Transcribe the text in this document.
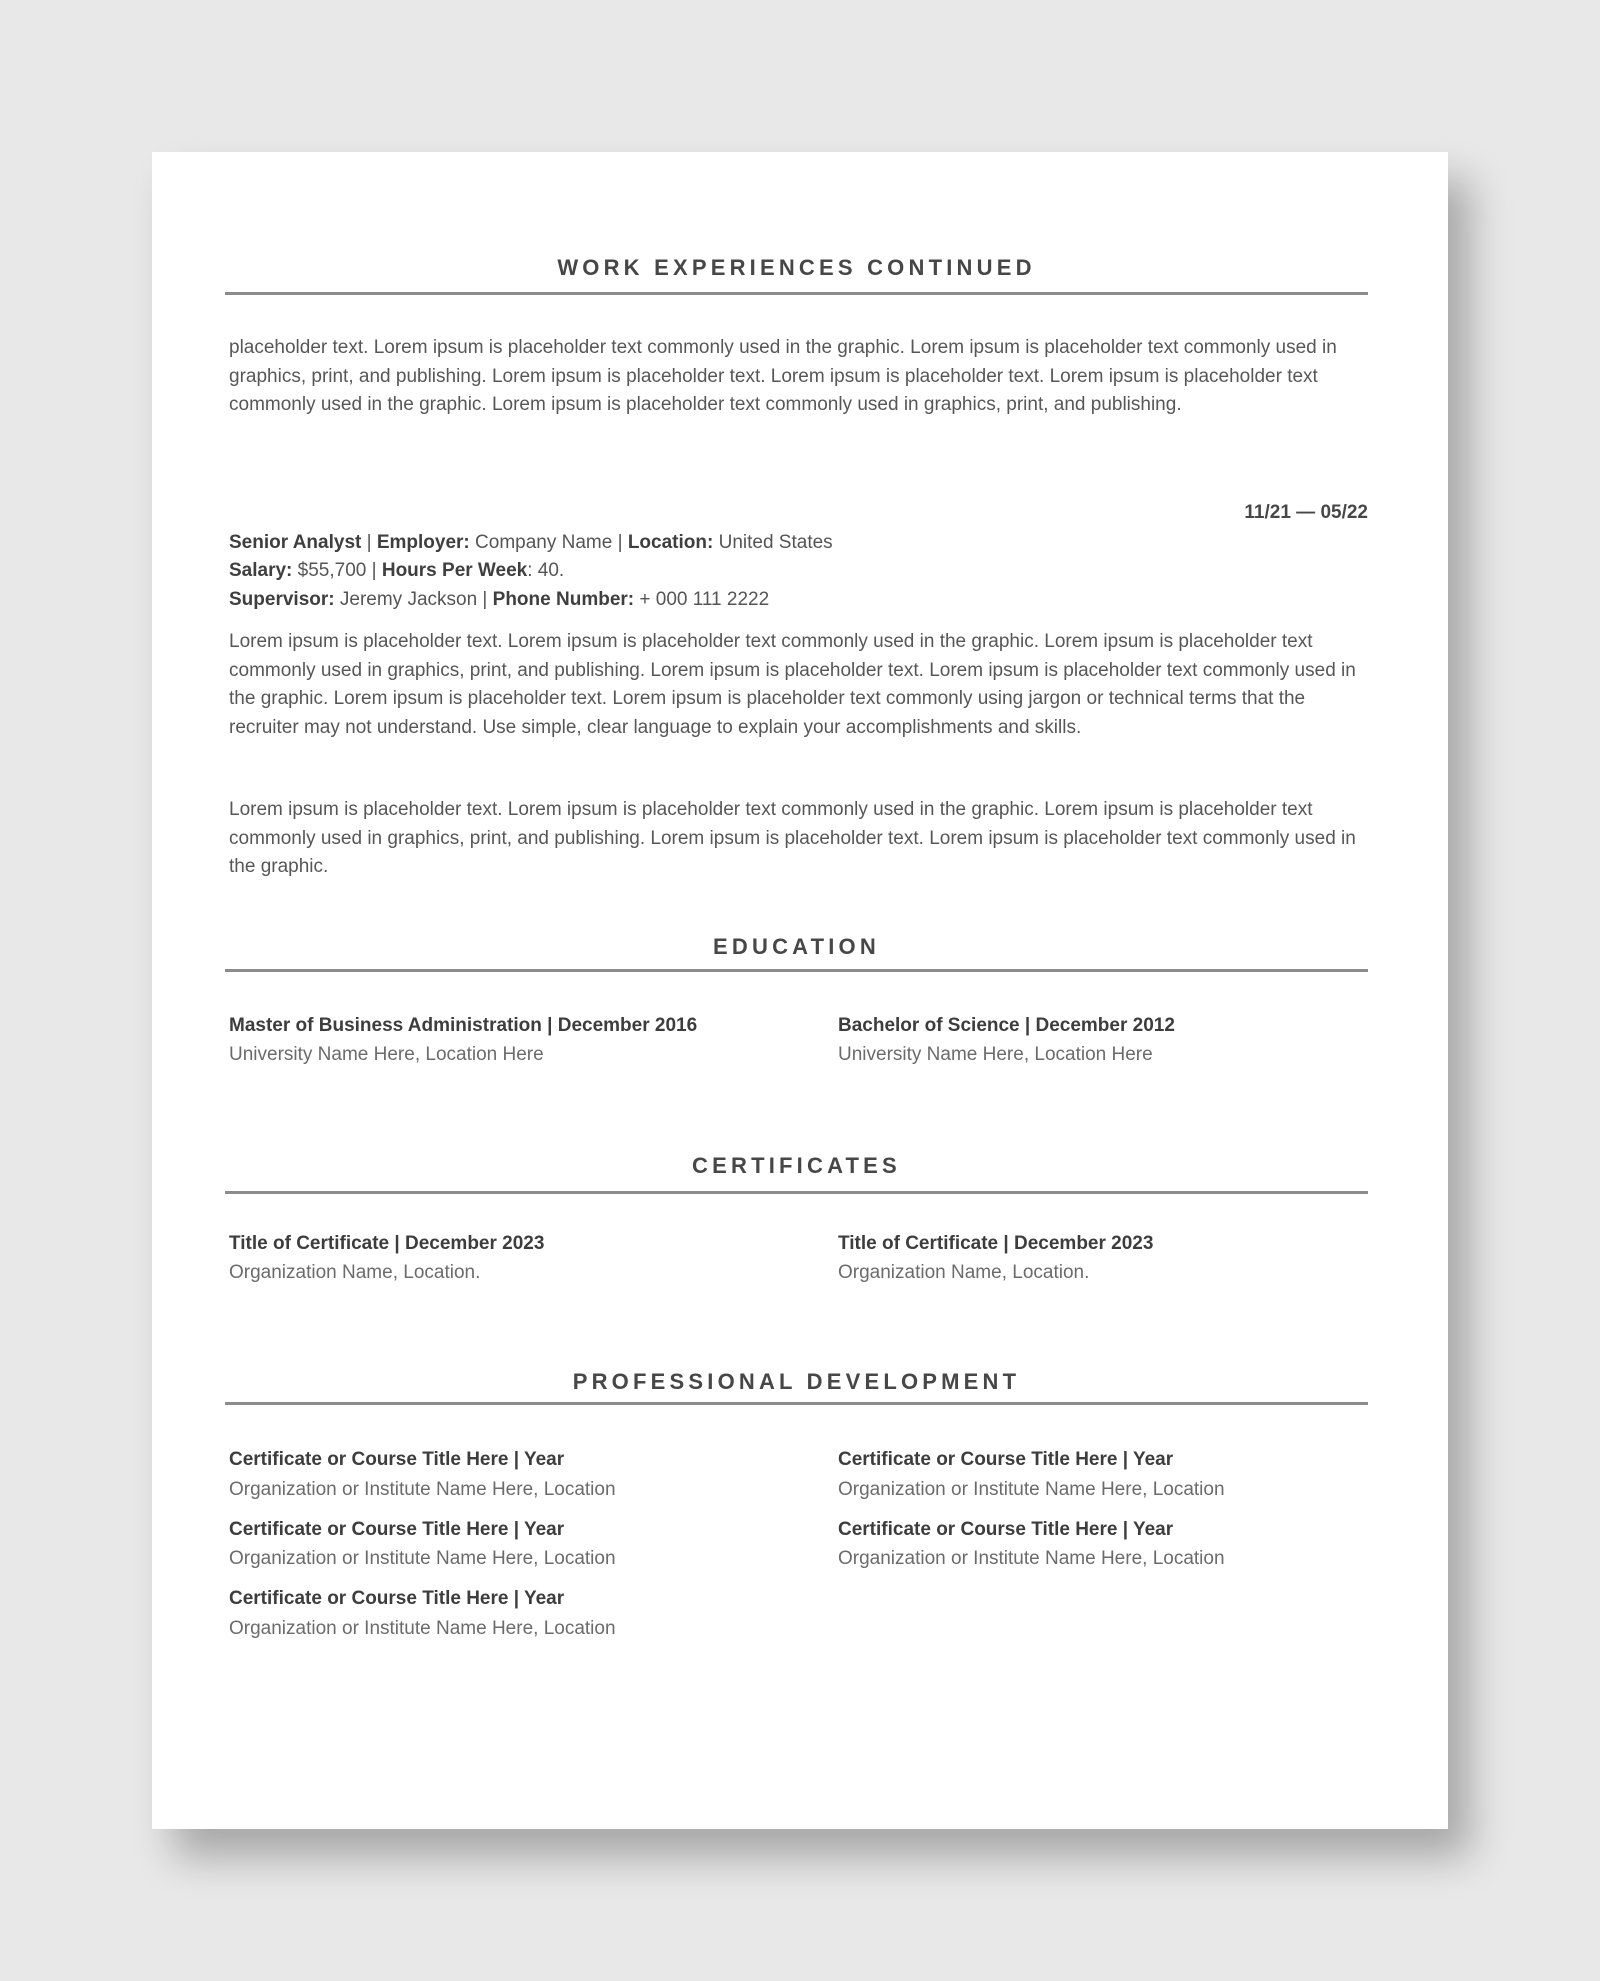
WORK EXPERIENCES CONTINUED
placeholder text. Lorem ipsum is placeholder text commonly used in the graphic. Lorem ipsum is placeholder text commonly used in graphics, print, and publishing. Lorem ipsum is placeholder text. Lorem ipsum is placeholder text. Lorem ipsum is placeholder text commonly used in the graphic. Lorem ipsum is placeholder text commonly used in graphics, print, and publishing.
11/21 — 05/22
Senior Analyst | Employer: Company Name | Location: United States
Salary: $55,700 | Hours Per Week: 40.
Supervisor: Jeremy Jackson | Phone Number: + 000 111 2222
Lorem ipsum is placeholder text. Lorem ipsum is placeholder text commonly used in the graphic. Lorem ipsum is placeholder text commonly used in graphics, print, and publishing. Lorem ipsum is placeholder text. Lorem ipsum is placeholder text commonly used in the graphic. Lorem ipsum is placeholder text. Lorem ipsum is placeholder text commonly using jargon or technical terms that the recruiter may not understand. Use simple, clear language to explain your accomplishments and skills.
Lorem ipsum is placeholder text. Lorem ipsum is placeholder text commonly used in the graphic. Lorem ipsum is placeholder text commonly used in graphics, print, and publishing. Lorem ipsum is placeholder text. Lorem ipsum is placeholder text commonly used in the graphic.
EDUCATION
Master of Business Administration | December 2016
University Name Here, Location Here
Bachelor of Science | December 2012
University Name Here, Location Here
CERTIFICATES
Title of Certificate | December 2023
Organization Name, Location.
Title of Certificate | December 2023
Organization Name, Location.
PROFESSIONAL DEVELOPMENT
Certificate or Course Title Here | Year
Organization or Institute Name Here, Location
Certificate or Course Title Here | Year
Organization or Institute Name Here, Location
Certificate or Course Title Here | Year
Organization or Institute Name Here, Location
Certificate or Course Title Here | Year
Organization or Institute Name Here, Location
Certificate or Course Title Here | Year
Organization or Institute Name Here, Location
